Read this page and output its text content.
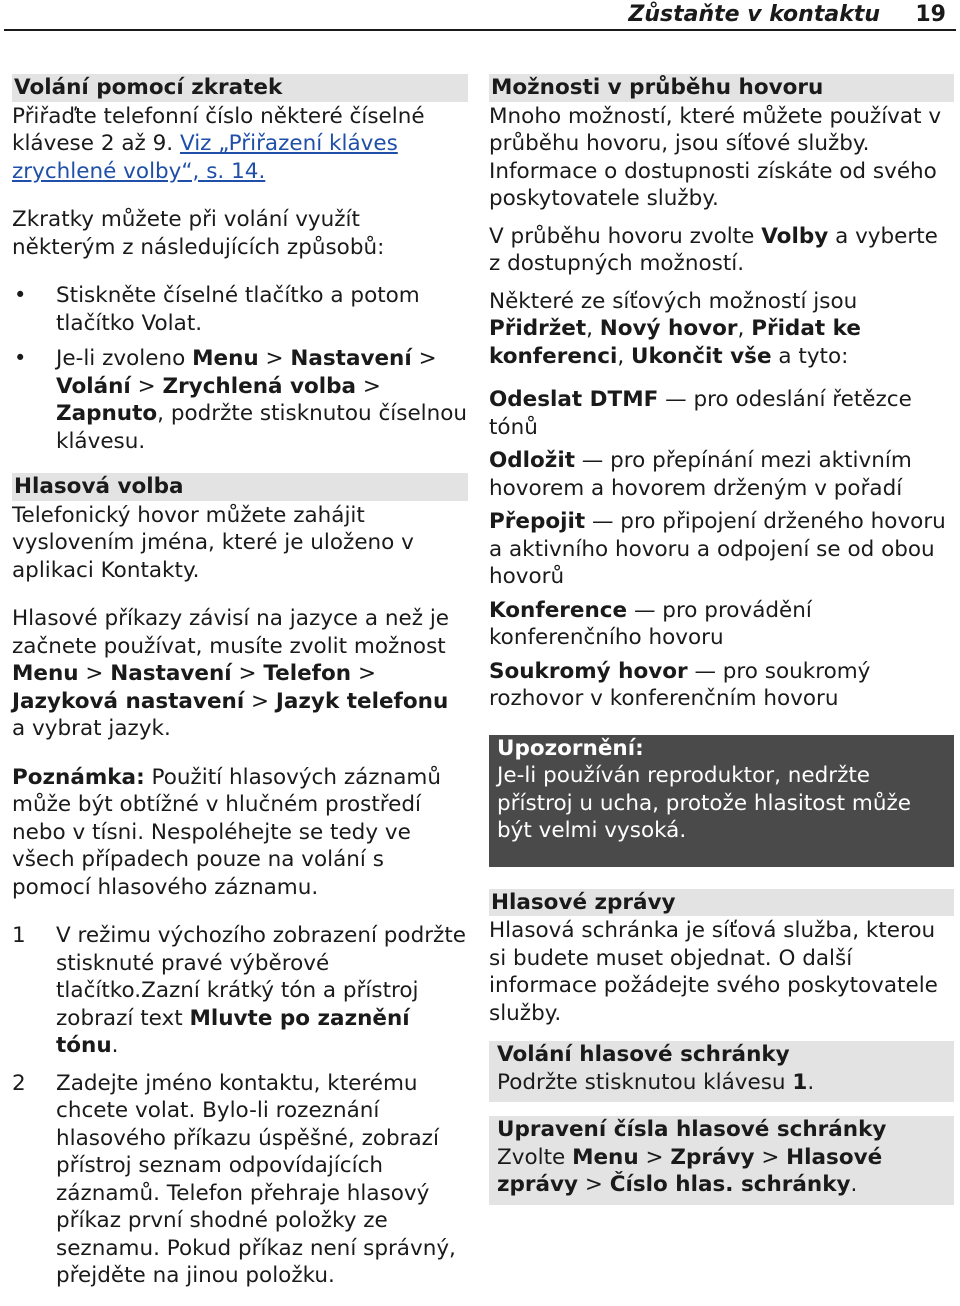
Zůstaňte v kontaktu 19
Volání pomocí zkratek

Přiřaďte telefonní číslo některé číselné klávese 2 až 9. Viz „Přiřazení kláves zrychlené volby“, s. 14.

Zkratky můžete při volání využít některým z následujících způsobů:

• Stiskněte číselné tlačítko a potom tlačítko Volat.
• Je-li zvoleno Menu > Nastavení > Volání > Zrychlená volba > Zapnuto, podržte stisknutou číselnou klávesu.
Hlasová volba

Telefonický hovor můžete zahájit vyslovením jména, které je uloženo v aplikaci Kontakty.

Hlasové příkazy závisí na jazyce a než je začnete používat, musíte zvolit možnost Menu > Nastavení > Telefon > Jazyková nastavení > Jazyk telefonu a vybrat jazyk.

Poznámka: Použití hlasových záznamů může být obtížné v hlučném prostředí nebo v tísni. Nespoléhejte se tedy ve všech případech pouze na volání s pomocí hlasového záznamu.

1 V režimu výchozího zobrazení podržte stisknuté pravé výběrové tlačítko.Zazní krátký tón a přístroj zobrazí text Mluvte po zaznění tónu.
2 Zadejte jméno kontaktu, kterému chcete volat. Bylo-li rozeznání hlasového příkazu úspěšné, zobrazí přístroj seznam odpovídajících záznamů. Telefon přehraje hlasový příkaz první shodné položky ze seznamu. Pokud příkaz není správný, přejděte na jinou položku.
Možnosti v průběhu hovoru

Mnoho možností, které můžete používat v průběhu hovoru, jsou síťové služby. Informace o dostupnosti získáte od svého poskytovatele služby.

V průběhu hovoru zvolte Volby a vyberte z dostupných možností.

Některé ze síťových možností jsou Přidržet, Nový hovor, Přidat ke konferenci, Ukončit vše a tyto:

Odeslat DTMF — pro odeslání řetězce tónů

Odložit — pro přepínání mezi aktivním hovorem a hovorem drženým v pořadí

Přepojit — pro připojení drženého hovoru a aktivního hovoru a odpojení se od obou hovorů

Konference — pro provádění konferenčního hovoru

Soukromý hovor — pro soukromý rozhovor v konferenčním hovoru

Upozornění:

Je-li používán reproduktor, nedržte přístroj u ucha, protože hlasitost může být velmi vysoká.

Hlasové zprávy

Hlasová schránka je síťová služba, kterou si budete muset objednat. O další informace požádejte svého poskytovatele služby.

Volání hlasové schránky

Podržte stisknutou klávesu 1.

Upravení čísla hlasové schránky

Zvolte Menu > Zprávy > Hlasové zprávy > Číslo hlas. schránky.
